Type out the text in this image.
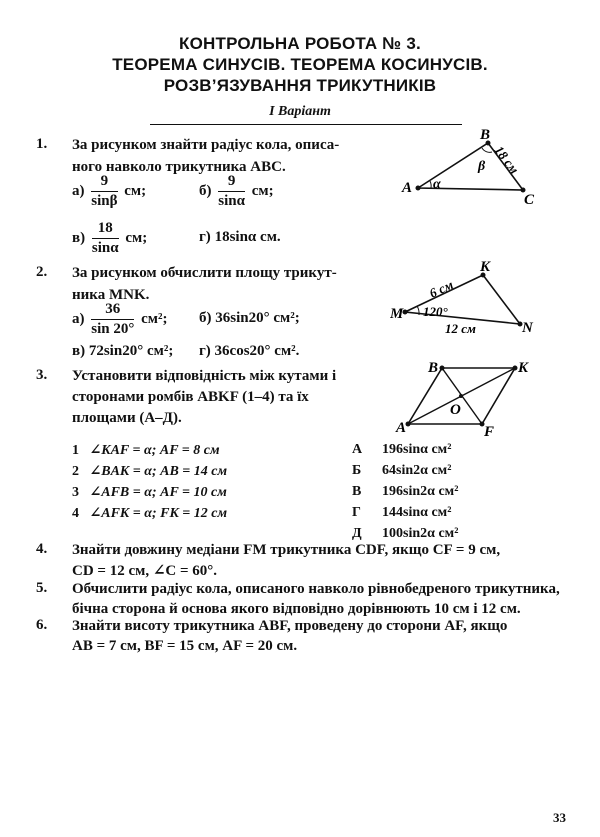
КОНТРОЛЬНА РОБОТА № 3.
ТЕОРЕМА СИНУСІВ. ТЕОРЕМА КОСИНУСІВ.
РОЗВ’ЯЗУВАННЯ ТРИКУТНИКІВ
І Варіант
1. За рисунком знайти радіус кола, описа-
ного навколо трикутника ABC.
$а) \frac{9}{\sin\beta}$ см;	$б) \frac{9}{\sin\alpha}$ см;
$в) \frac{18}{\sin\alpha}$ см;	г) 18sinα см.
A
B
C
α
β 18 см
2. За рисунком обчислити площу трикут-
ника MNK.
$а) \frac{36}{\sin 20^\circ} см^2$; б) 36sin20° см²;
в) 72sin20° см²; г) 36cos20° см².
M
K
N
6 см
12 см
120°
3. Установити відповідність між кутами і
сторонами ромбів ABKF (1–4) та їх
площами (А–Д).
A
B	K
F
O
1 ∠KAF = α; AF = 8 см
2 ∠BAK = α; AB = 14 см
3 ∠AFB = α; AF = 10 см
4 ∠AFK = α; FK = 12 см
А 196sinα см²
Б 64sin2α см²
В 196sin2α см²
Г 144sinα см²
Д 100sin2α см²
4. Знайти довжину медіани FM трикутника CDF, якщо CF = 9 см,
CD = 12 см, ∠C = 60°.
5. Обчислити радіус кола, описаного навколо рівнобедреного трикутника,
бічна сторона й основа якого відповідно дорівнюють 10 см і 12 см.
6. Знайти висоту трикутника ABF, проведену до сторони AF, якщо
AB = 7 см, BF = 15 см, AF = 20 см.
33
